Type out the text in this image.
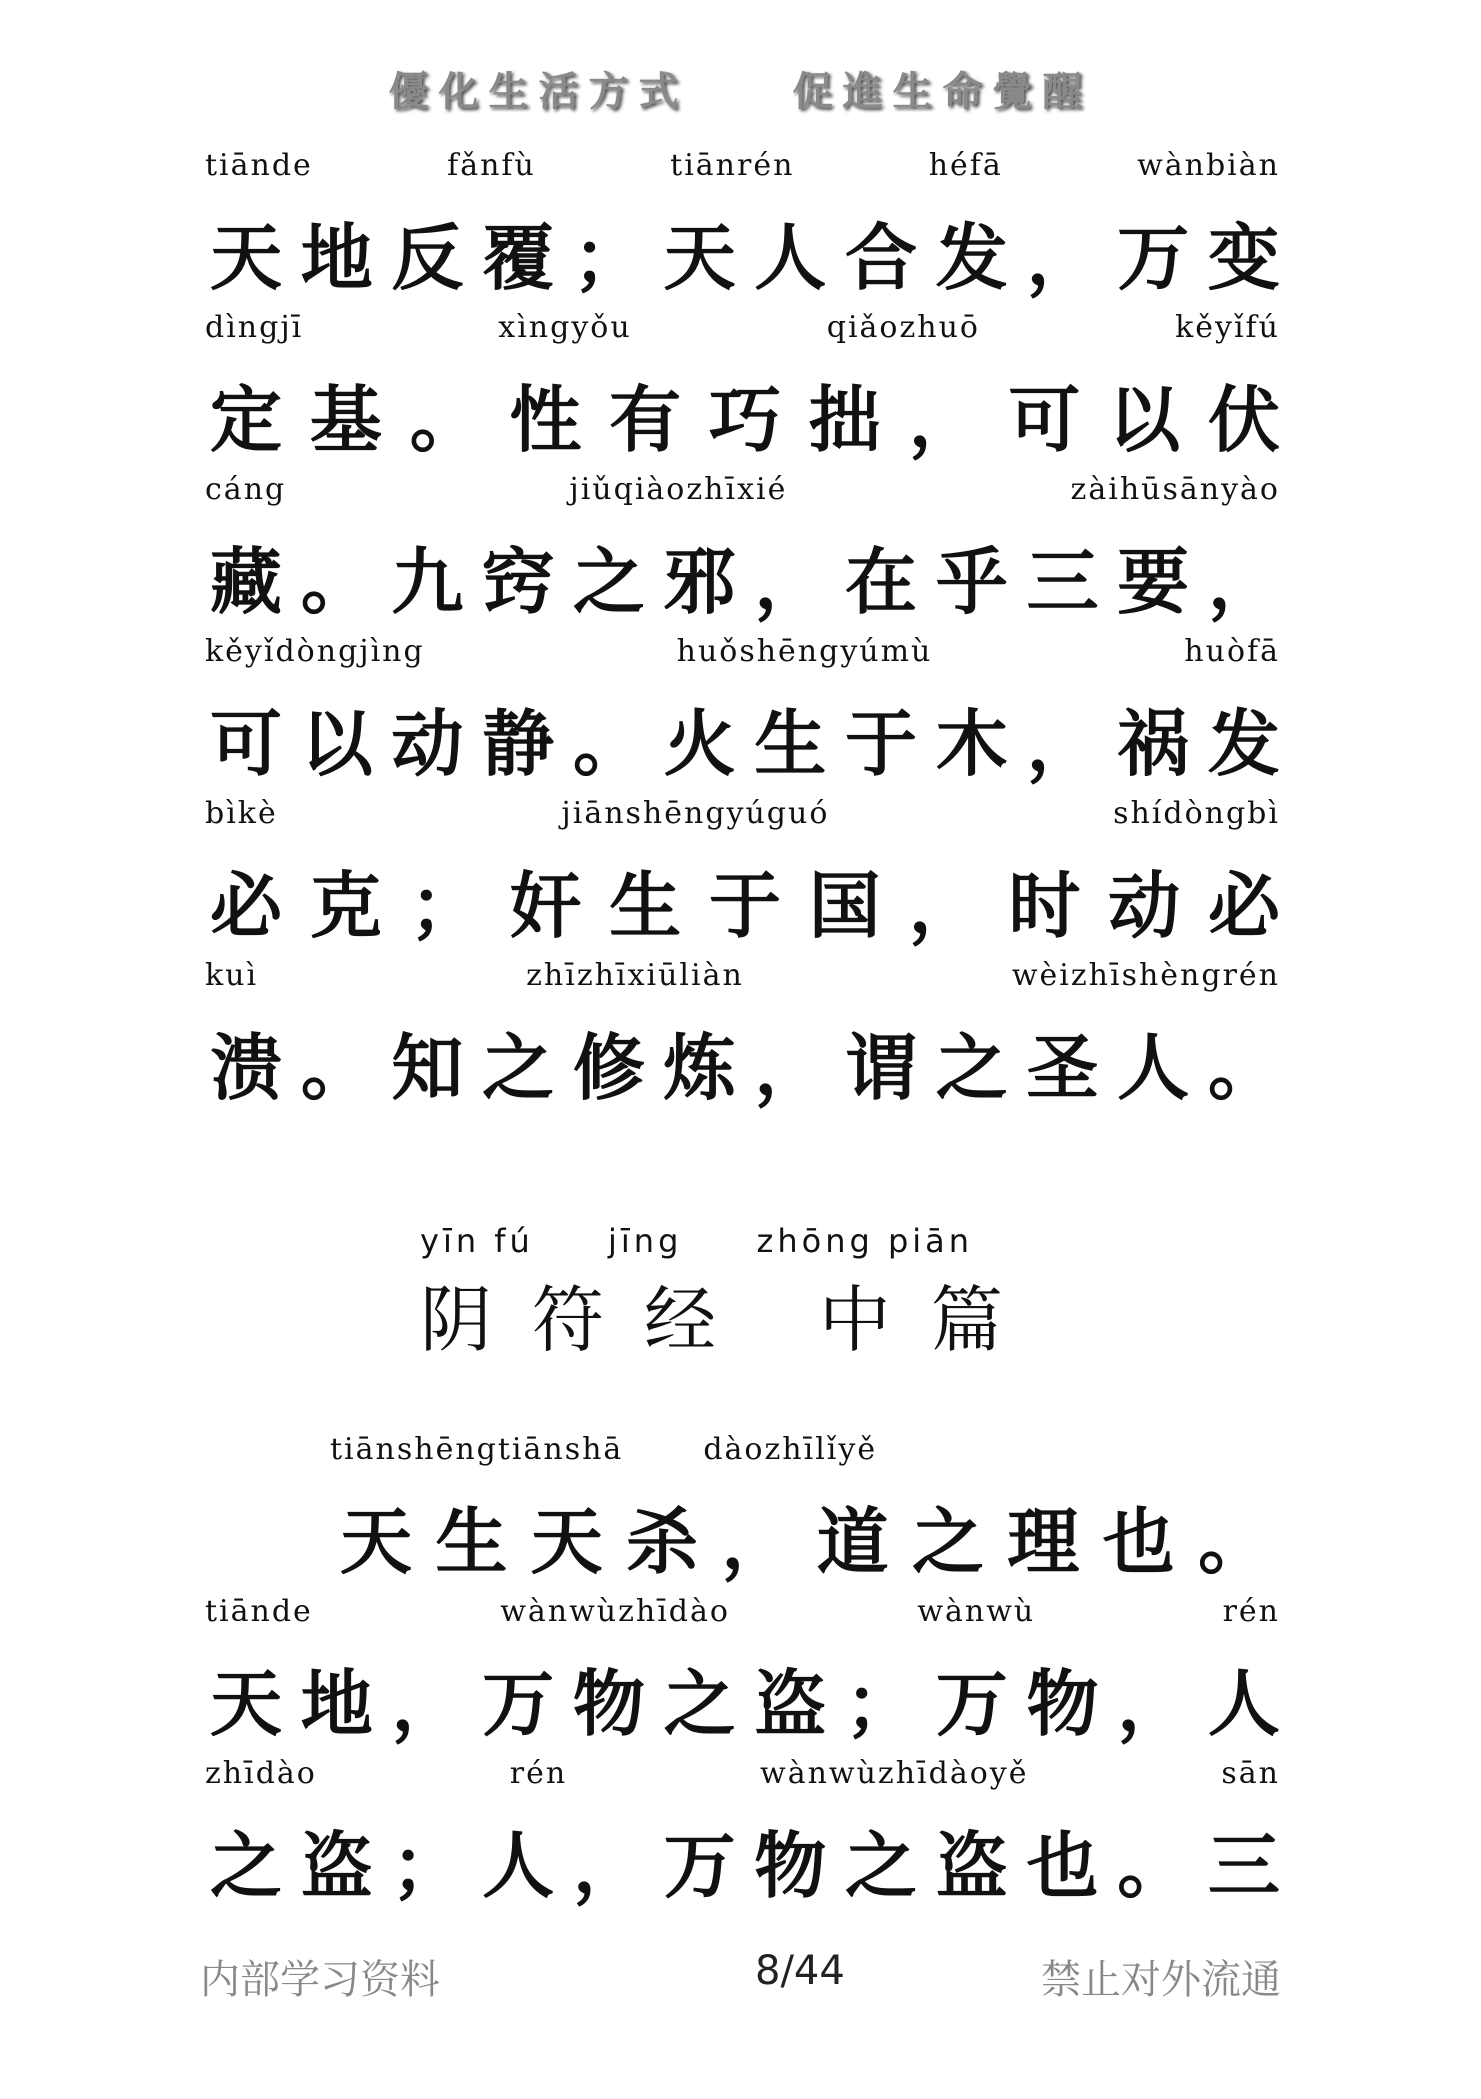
優化生活方式	促進生命覺醒
tiānde	fǎnfù	tiānrén	héfā	wànbiàn
天 地 反 覆 ； 天 人 合 发 ， 万 变
dìngjī	xìngyǒu	qiǎozhuō	kěyǐfú
定 基 。 性 有 巧 拙 ， 可 以 伏
cáng	jiǔqiàozhīxié	zàihūsānyào
藏 。 九 窍 之 邪 ， 在 乎 三 要 ，
kěyǐdòngjìng	huǒshēngyúmù	huòfā
可 以 动 静 。 火 生 于 木 ， 祸 发
bìkè	jiānshēngyúguó	shídòngbì
必 克 ； 奸 生 于 国 ， 时 动 必
kuì	zhīzhīxiūliàn	wèizhīshèngrén
溃 。 知 之 修 炼 ， 谓 之 圣 人 。
yīn fú jīng zhōng piān
阴符经 中篇
tiānshēngtiānshā	dàozhīlǐyě
天 生 天 杀 ， 道 之 理 也 。
tiānde	wànwùzhīdào	wànwù	rén
天 地 ， 万 物 之 盗 ； 万 物 ， 人
zhīdào	rén	wànwùzhīdàoyě	sān
之 盗 ； 人 ， 万 物 之 盗 也 。 三
内部学习资料	8/44	禁止对外流通
